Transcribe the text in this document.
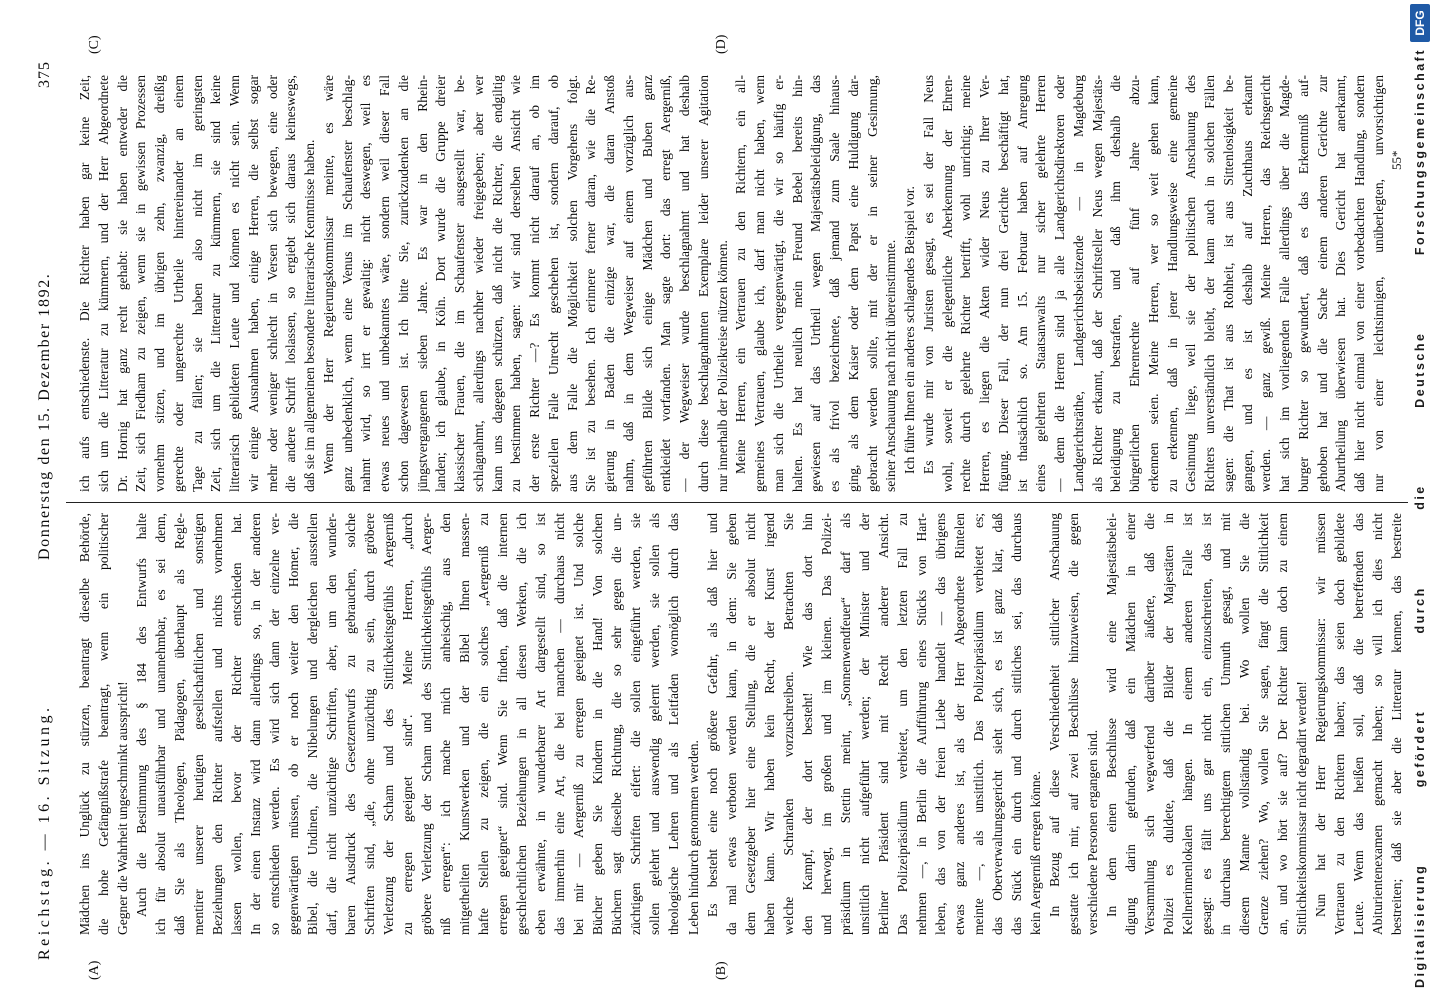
Reichstag. — 16. Sitzung.
Donnerstag den 15. Dezember 1892.
375
(A)	(B)
(C)	(D)
Mädchen ins Unglück zu stürzen, beantragt dieselbe Behörde, die hohe Gefängnißstrafe beantragt, wenn ein politischer Gegner die Wahrheit ungeschminkt ausspricht! Auch die Bestimmung des § 184 des Entwurfs halte ich für absolut unausführbar und unannehmbar, es sei denn, daß Sie als Theologen, Pädagogen, überhaupt als Regle- mentirer unserer heutigen gesellschaftlichen und sonstigen Beziehungen den Richter aufstellen und nichts vornehmen lassen wollen, bevor der Richter entschieden hat. In der einen Instanz wird dann allerdings so, in der anderen so entschieden werden. Es wird sich dann der einzelne ver- gegenwärtigen müssen, ob er noch weiter den Homer, die Bibel, die Undinen, die Nibelungen und dergleichen ausstellen darf, die nicht unzüchtige Schriften, aber, um den wunder- baren Ausdruck des Gesetzentwurfs zu gebrauchen, solche Schriften sind, „die, ohne unzüchtig zu sein, durch gröbere Verletzung der Scham und des Sittlichkeitsgefühls Aergerniß zu erregen geeignet sind“. Meine Herren, „durch gröbere Verletzung der Scham und des Sittlichkeitsgefühls Aerger- niß erregen“: ich mache mich anheischig, aus den mitgetheilten Kunstwerken und der Bibel Ihnen massen- hafte Stellen zu zeigen, die ein solches „Aergerniß zu erregen geeignet“ sind. Wenn Sie finden, daß die internen geschlechtlichen Beziehungen in all diesen Werken, die ich eben erwähnte, in wunderbarer Art dargestellt sind, so ist das immerhin eine Art, die bei manchen — durchaus nicht bei mir — Aergerniß zu erregen geeignet ist. Und solche Bücher geben Sie Kindern in die Hand! Von solchen Büchern sagt dieselbe Richtung, die so sehr gegen die un- züchtigen Schriften eifert: die sollen eingeführt werden, sie sollen gelehrt und auswendig gelernt werden, sie sollen als theologische Lehren und als Leitfaden womöglich durch das Leben hindurch genommen werden. Es besteht eine noch größere Gefahr, als daß hier und da mal etwas verboten werden kann, in dem: Sie geben dem Gesetzgeber hier eine Stellung, die er absolut nicht haben kann. Wir haben kein Recht, der Kunst irgend welche Schranken vorzuschreiben. Betrachten Sie den Kampf, der dort besteht! Wie das dort hin und herwogt, im großen und im kleinen. Das Polizei- präsidium in Stettin meint, „Sonnenwendfeuer“ darf als unsittlich nicht aufgeführt werden; der Minister und der Berliner Präsident sind mit Recht anderer Ansicht. Das Polizeipräsidium verbietet, um den letzten Fall zu nehmen —, in Berlin die Aufführung eines Stücks von Hart- leben, das von der freien Liebe handelt — das übrigens etwas ganz anderes ist, als der Herr Abgeordnete Rintelen meinte —, als unsittlich. Das Polizeipräsidium verbietet es; das Oberverwaltungsgericht sieht sich, es ist ganz klar, daß das Stück ein durch und durch sittliches sei, das durchaus kein Aergerniß erregen könne. In Bezug auf diese Verschiedenheit sittlicher Anschauung gestatte ich mir, auf zwei Beschlüsse hinzuweisen, die gegen verschiedene Personen ergangen sind. In dem einen Beschlusse wird eine Majestätsbelei- digung darin gefunden, daß ein Mädchen in einer Versammlung sich wegwerfend darüber äußerte, daß die Polizei es duldete, daß die Bilder der Majestäten in Kellnerinnenlokalen hängen. In einem anderen Falle ist gesagt: es fällt uns gar nicht ein, einzuschreiten, das ist in durchaus berechtigtem sittlichen Unmuth gesagt, und mit diesem Manne vollständig bei. Wo wollen Sie die Grenze ziehen? Wo, wollen Sie sagen, fängt die Sittlichkeit an, und wo hört sie auf? Der Richter kann doch zu einem Sittlichkeitskommissar nicht degradirt werden! Nun hat der Herr Regierungskommissar: wir müssen Vertrauen zu den Richtern haben; das seien doch gebildete Leute. Wenn das heißen soll, daß die betreffenden das Abiturientenexamen gemacht haben; so will ich dies nicht bestreiten; daß sie aber die Litteratur kennen, das bestreite
ich aufs entschiedenste. Die Richter haben gar keine Zeit, sich um die Litteratur zu kümmern, und der Herr Abgeordnete Dr. Hornig hat ganz recht gehabt: sie haben entweder die Zeit, sich Fiedham zu zeigen, wenn sie in gewissen Prozessen vornehm sitzen, und im übrigen zehn, zwanzig, dreißig gerechte oder ungerechte Urtheile hintereinander an einem Tage zu fällen; sie haben also nicht im geringsten Zeit, sich um die Litteratur zu kümmern, sie sind keine litterarisch gebildeten Leute und können es nicht sein. Wenn wir einige Ausnahmen haben, einige Herren, die selbst sogar mehr oder weniger schlecht in Versen sich bewegen, eine oder die andere Schrift loslassen, so ergiebt sich daraus keineswegs, daß sie im allgemeinen besondere litterarische Kenntnisse haben. Wenn der Herr Regierungskommissar meinte, es wäre ganz unbedenklich, wenn eine Venus im Schaufenster beschlag- nahmt wird, so irrt er gewaltig: nicht deswegen, weil es etwas neues und unbekanntes wäre, sondern weil dieser Fall schon dagewesen ist. Ich bitte Sie, zurückzudenken an die jüngstvergangenen sieben Jahre. Es war in den Rhein- landen; ich glaube, in Köln. Dort wurde die Gruppe dreier klassischer Frauen, die im Schaufenster ausgestellt war, be- schlagnahmt, allerdings nachher wieder freigegeben; aber wer kann uns dagegen schützen, daß nicht die Richter, die endgiltig zu bestimmen haben, sagen: wir sind derselben Ansicht wie der erste Richter —? Es kommt nicht darauf an, ob im speziellen Falle Unrecht geschehen ist, sondern darauf, ob aus dem Falle die Möglichkeit solchen Vorgehens folgt. Sie ist zu besehen. Ich erinnere ferner daran, wie die Re- gierung in Baden die einzige war, die daran Anstoß nahm, daß in dem Wegweiser auf einem vorzüglich aus- geführten Bilde sich einige Mädchen und Buben ganz entkleidet vorfanden. Man sagte dort: das erregt Aergerniß, — der Wegweiser wurde beschlagnahmt und hat deshalb durch diese beschlagnahmten Exemplare leider unserer Agitation nur innerhalb der Polizeikreise nützen können. Meine Herren, ein Vertrauen zu den Richtern, ein all- gemeines Vertrauen, glaube ich, darf man nicht haben, wenn man sich die Urtheile vergegenwärtigt, die wir so häufig er- halten. Es hat neulich mein Freund Bebel bereits hin- gewiesen auf das Urtheil wegen Majestätsbeleidigung, das es als frivol bezeichnete, daß jemand zum Saale hinaus- ging, als dem Kaiser oder dem Papst eine Huldigung dar- gebracht werden sollte, mit der er in seiner Gesinnung, seiner Anschauung nach nicht übereinstimmte. Ich führe Ihnen ein anderes schlagendes Beispiel vor. Es wurde mir von Juristen gesagt, es sei der Fall Neus wohl, soweit er die gelegentliche Aberkennung der Ehren- rechte durch gelehrte Richter betrifft, wohl unrichtig; meine Herren, es liegen die Akten wider Neus zu Ihrer Ver- fügung. Dieser Fall, der nun drei Gerichte beschäftigt hat, ist thatsächlich so. Am 15. Februar haben auf Anregung eines gelehrten Staatsanwalts nur sicher gelehrte Herren — denn die Herren sind ja alle Landgerichtsdirektoren oder Landgerichtsräthe, Landgerichtsbeisitzende — in Magdeburg als Richter erkannt, daß der Schriftsteller Neus wegen Majestäts- beleidigung zu bestrafen, und daß ihm deshalb die bürgerlichen Ehrenrechte auf fünf Jahre abzu- erkennen seien. Meine Herren, wer so weit gehen kann, zu erkennen, daß in jener Handlungsweise eine gemeine Gesinnung liege, weil sie der politischen Anschauung des Richters unverständlich bleibt, der kann auch in solchen Fällen sagen: die That ist aus Rohheit, ist aus Sittenlosigkeit be- gangen, und es ist deshalb auf Zuchthaus erkannt werden. — ganz gewiß. Meine Herren, das Reichsgericht hat sich im vorliegenden Falle allerdings über die Magde- burger Richter so gewundert, daß es das Erkenntniß auf- gehoben hat und die Sache einem anderen Gerichte zur Aburtheilung überwiesen hat. Dies Gericht hat anerkannt, daß hier nicht einmal von einer vorbedachten Handlung, sondern nur von einer leichtsinnigen, unüberlegten, unvorsichtigen 55* Digitalisierung gefördert durch die Deutsche Forschungsgemeinschaft
DFG
